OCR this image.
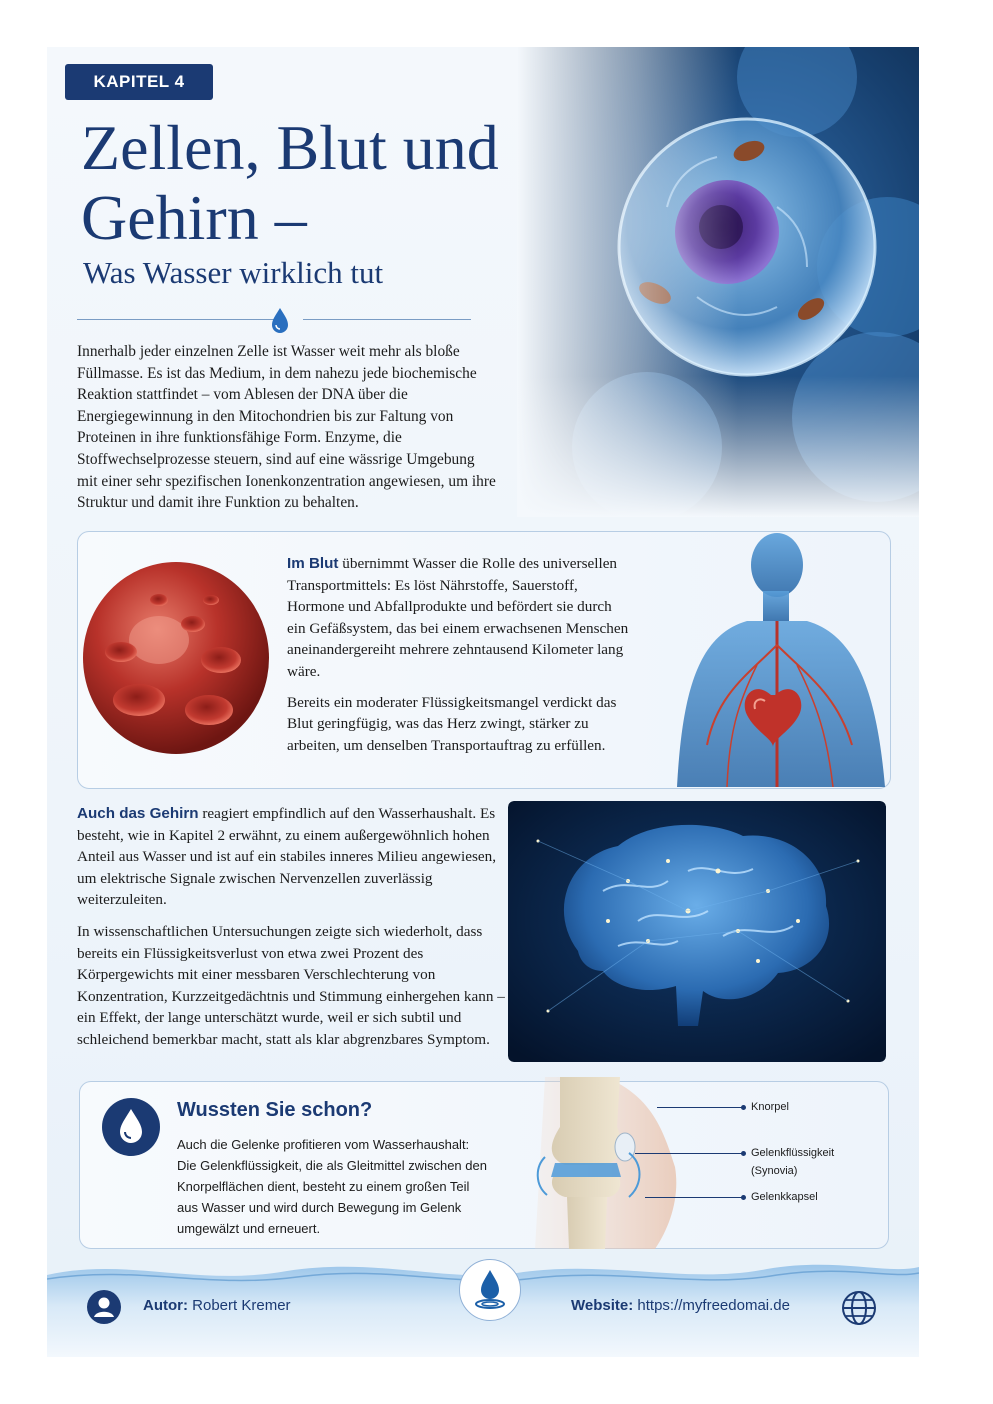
KAPITEL 4
Zellen, Blut und
Gehirn –
Was Wasser wirklich tut

Innerhalb jeder einzelnen Zelle ist Wasser weit mehr als bloße Füllmasse. Es ist das Medium, in dem nahezu jede biochemische Reaktion stattfindet – vom Ablesen der DNA über die Energiegewinnung in den Mitochondrien bis zur Faltung von Proteinen in ihre funktionsfähige Form. Enzyme, die Stoffwechselprozesse steuern, sind auf eine wässrige Umgebung mit einer sehr spezifischen Ionenkonzentration angewiesen, um ihre Struktur und damit ihre Funktion zu behalten.

Im Blut übernimmt Wasser die Rolle des universellen Transportmittels: Es löst Nährstoffe, Sauerstoff, Hormone und Abfallprodukte und befördert sie durch ein Gefäßsystem, das bei einem erwachsenen Menschen aneinandergereiht mehrere zehntausend Kilometer lang wäre.

Bereits ein moderater Flüssigkeitsmangel verdickt das Blut geringfügig, was das Herz zwingt, stärker zu arbeiten, um denselben Transportauftrag zu erfüllen.

Auch das Gehirn reagiert empfindlich auf den Wasserhaushalt. Es besteht, wie in Kapitel 2 erwähnt, zu einem außergewöhnlich hohen Anteil aus Wasser und ist auf ein stabiles inneres Milieu angewiesen, um elektrische Signale zwischen Nervenzellen zuverlässig weiterzuleiten.

In wissenschaftlichen Untersuchungen zeigte sich wiederholt, dass bereits ein Flüssigkeitsverlust von etwa zwei Prozent des Körpergewichts mit einer messbaren Verschlechterung von Konzentration, Kurzzeitgedächtnis und Stimmung einhergehen kann – ein Effekt, der lange unterschätzt wurde, weil er sich subtil und schleichend bemerkbar macht, statt als klar abgrenzbares Symptom.

Wussten Sie schon?
Auch die Gelenke profitieren vom Wasserhaushalt: Die Gelenkflüssigkeit, die als Gleitmittel zwischen den Knorpelflächen dient, besteht zu einem großen Teil aus Wasser und wird durch Bewegung im Gelenk umgewälzt und erneuert.
Knorpel
Gelenkflüssigkeit
(Synovia)
Gelenkkapsel
Autor: Robert Kremer	Website: https://myfreedomai.de
